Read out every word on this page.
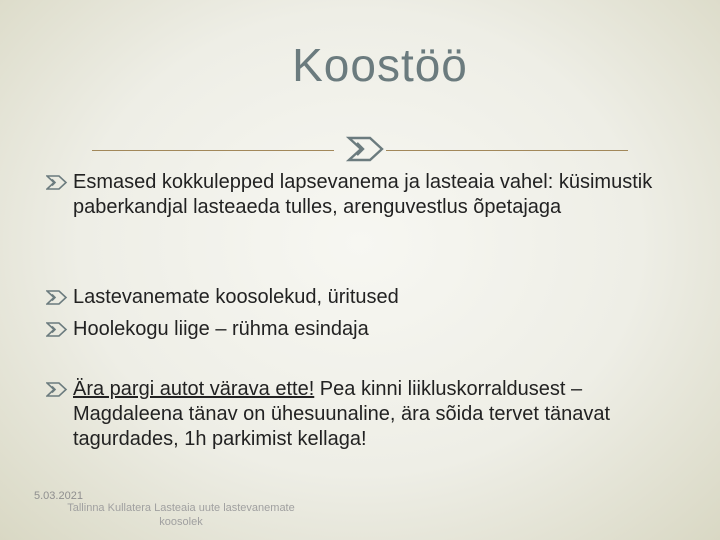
Koostöö
Esmased kokkulepped lapsevanema ja lasteaia vahel: küsimustik paberkandjal lasteaeda tulles, arenguvestlus õpetajaga
Lastevanemate koosolekud, üritused
Hoolekogu liige – rühma esindaja
Ära pargi autot värava ette! Pea kinni liikluskorraldusest – Magdaleena tänav on ühesuunaline, ära sõida tervet tänavat tagurdades, 1h parkimist kellaga!
5.03.2021
Tallinna Kullatera Lasteaia uute lastevanemate koosolek
